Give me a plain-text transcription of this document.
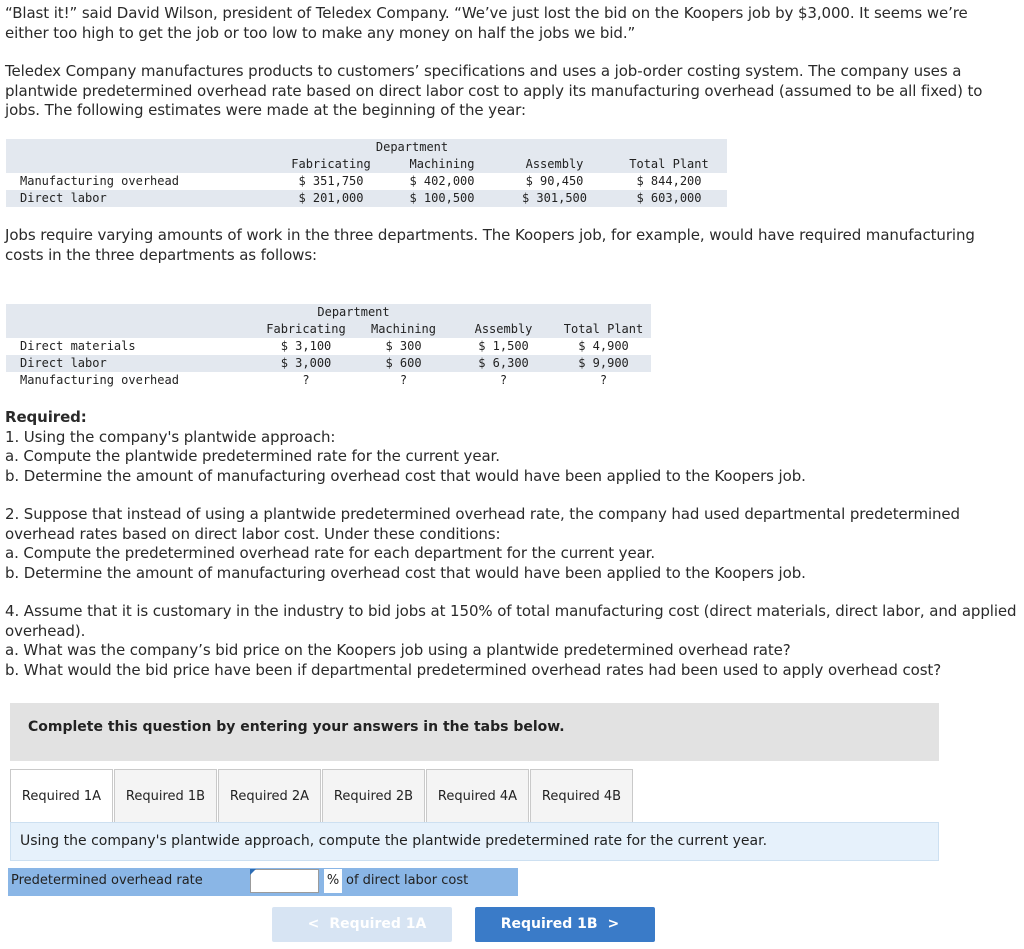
“Blast it!” said David Wilson, president of Teledex Company. “We’ve just lost the bid on the Koopers job by $3,000. It seems we’re

either too high to get the job or too low to make any money on half the jobs we bid.”

Teledex Company manufactures products to customers’ specifications and uses a job-order costing system. The company uses a

plantwide predetermined overhead rate based on direct labor cost to apply its manufacturing overhead (assumed to be all fixed) to

jobs. The following estimates were made at the beginning of the year:

	Department			
	Fabricating	Machining	Assembly	Total Plant
Manufacturing overhead	$ 351,750	$ 402,000	$ 90,450	$ 844,200
Direct labor	$ 201,000	$ 100,500	$ 301,500	$ 603,000

Jobs require varying amounts of work in the three departments. The Koopers job, for example, would have required manufacturing

costs in the three departments as follows:

	Department			
	Fabricating	Machining	Assembly	Total Plant
Direct materials	$ 3,100	$ 300	$ 1,500	$ 4,900
Direct labor	$ 3,000	$ 600	$ 6,300	$ 9,900
Manufacturing overhead	?	?	?	?

Required:

1. Using the company's plantwide approach:

a. Compute the plantwide predetermined rate for the current year.

b. Determine the amount of manufacturing overhead cost that would have been applied to the Koopers job.

2. Suppose that instead of using a plantwide predetermined overhead rate, the company had used departmental predetermined

overhead rates based on direct labor cost. Under these conditions:

a. Compute the predetermined overhead rate for each department for the current year.

b. Determine the amount of manufacturing overhead cost that would have been applied to the Koopers job.

4. Assume that it is customary in the industry to bid jobs at 150% of total manufacturing cost (direct materials, direct labor, and applied

overhead).

a. What was the company’s bid price on the Koopers job using a plantwide predetermined overhead rate?

b. What would the bid price have been if departmental predetermined overhead rates had been used to apply overhead cost?

Complete this question by entering your answers in the tabs below.
Required 1A	Required 1B	Required 2A	Required 2B	Required 4A	Required 4B
Using the company's plantwide approach, compute the plantwide predetermined rate for the current year.
Predetermined overhead rate	% of direct labor cost
< Required 1A	Required 1B >
